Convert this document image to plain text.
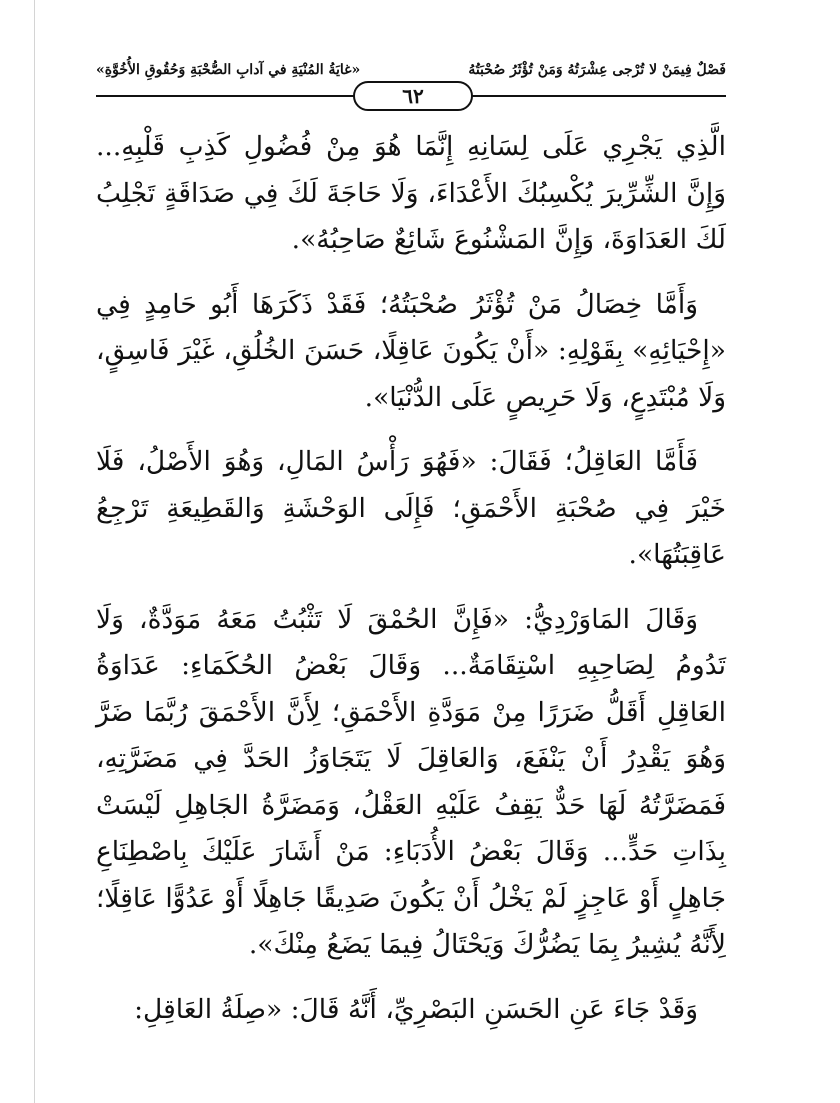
فَصْلٌ فِيمَنْ لا تُرْجى عِشْرَتُهُ وَمَنْ تُؤْثَرُ صُحْبَتُهُ
«غايَةُ المُنْيَةِ في آدابِ الصُّحْبَةِ وَحُقُوقِ الأُخُوَّةِ»
٦٢

الَّذِي يَجْرِي عَلَى لِسَانِهِ إِنَّمَا هُوَ مِنْ فُضُولِ كَذِبِ قَلْبِهِ... وَإِنَّ الشِّرِّيرَ يُكْسِبُكَ الأَعْدَاءَ، وَلَا حَاجَةَ لَكَ فِي صَدَاقَةٍ تَجْلِبُ لَكَ العَدَاوَةَ، وَإِنَّ المَشْنُوعَ شَائِعٌ صَاحِبُهُ».

وَأَمَّا خِصَالُ مَنْ تُؤْثَرُ صُحْبَتُهُ؛ فَقَدْ ذَكَرَهَا أَبُو حَامِدٍ فِي «إِحْيَائِهِ» بِقَوْلِهِ: «أَنْ يَكُونَ عَاقِلًا، حَسَنَ الخُلُقِ، غَيْرَ فَاسِقٍ، وَلَا مُبْتَدِعٍ، وَلَا حَرِيصٍ عَلَى الدُّنْيَا».

فَأَمَّا العَاقِلُ؛ فَقَالَ: «فَهُوَ رَأْسُ المَالِ، وَهُوَ الأَصْلُ، فَلَا خَيْرَ فِي صُحْبَةِ الأَحْمَقِ؛ فَإِلَى الوَحْشَةِ وَالقَطِيعَةِ تَرْجِعُ عَاقِبَتُهَا».

وَقَالَ المَاوَرْدِيُّ: «فَإِنَّ الحُمْقَ لَا تَثْبُتُ مَعَهُ مَوَدَّةٌ، وَلَا تَدُومُ لِصَاحِبِهِ اسْتِقَامَةٌ... وَقَالَ بَعْضُ الحُكَمَاءِ: عَدَاوَةُ العَاقِلِ أَقَلُّ ضَرَرًا مِنْ مَوَدَّةِ الأَحْمَقِ؛ لِأَنَّ الأَحْمَقَ رُبَّمَا ضَرَّ وَهُوَ يَقْدِرُ أَنْ يَنْفَعَ، وَالعَاقِلَ لَا يَتَجَاوَزُ الحَدَّ فِي مَضَرَّتِهِ، فَمَضَرَّتُهُ لَهَا حَدٌّ يَقِفُ عَلَيْهِ العَقْلُ، وَمَضَرَّةُ الجَاهِلِ لَيْسَتْ بِذَاتِ حَدٍّ... وَقَالَ بَعْضُ الأُدَبَاءِ: مَنْ أَشَارَ عَلَيْكَ بِاصْطِنَاعِ جَاهِلٍ أَوْ عَاجِزٍ لَمْ يَخْلُ أَنْ يَكُونَ صَدِيقًا جَاهِلًا أَوْ عَدُوًّا عَاقِلًا؛ لِأَنَّهُ يُشِيرُ بِمَا يَضُرُّكَ وَيَحْتَالُ فِيمَا يَضَعُ مِنْكَ».

وَقَدْ جَاءَ عَنِ الحَسَنِ البَصْرِيِّ، أَنَّهُ قَالَ: «صِلَةُ العَاقِلِ:
